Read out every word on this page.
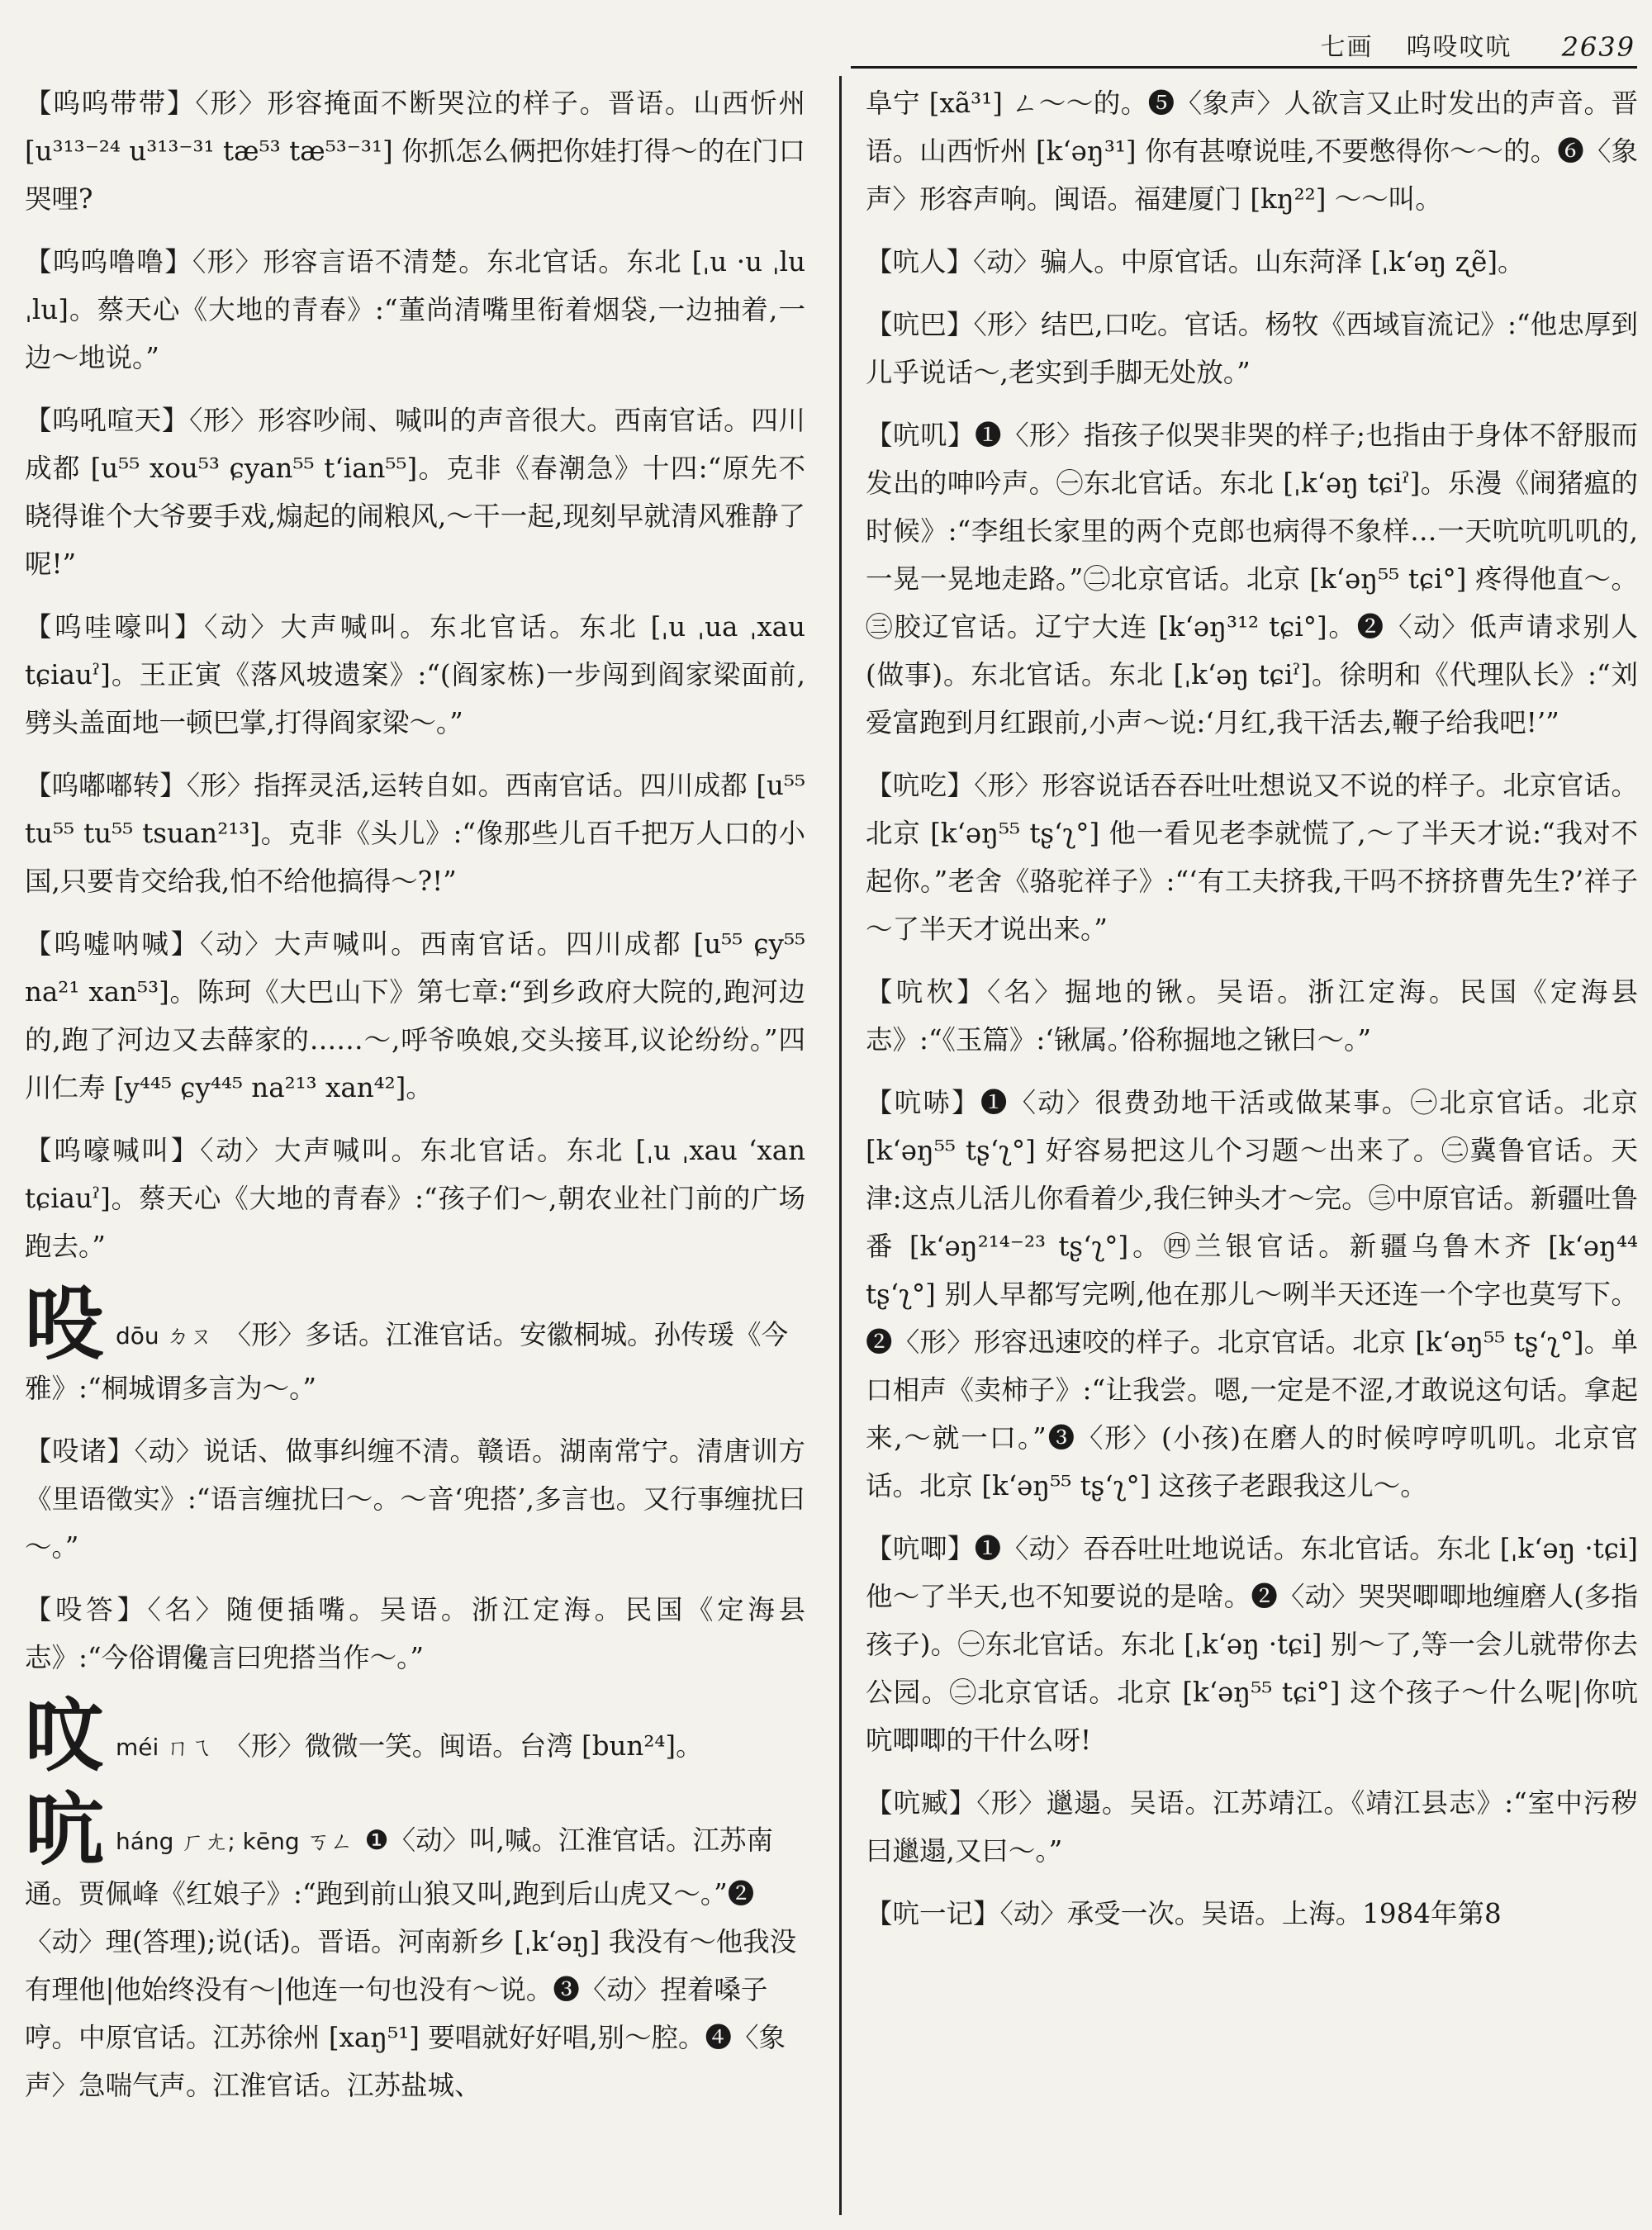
七画 呜吺呅吭 2639

【呜呜带带】〈形〉形容掩面不断哭泣的样子。晋语。山西忻州 [u³¹³⁻²⁴ u³¹³⁻³¹ tæ⁵³ tæ⁵³⁻³¹] 你抓怎么俩把你娃打得～的在门口哭哩?

【呜呜噜噜】〈形〉形容言语不清楚。东北官话。东北 [ˌu ·u ˌlu ˌlu]。蔡天心《大地的青春》:“董尚清嘴里衔着烟袋,一边抽着,一边～地说。”

【呜吼喧天】〈形〉形容吵闹、喊叫的声音很大。西南官话。四川成都 [u⁵⁵ xou⁵³ ɕyan⁵⁵ t‘ian⁵⁵]。克非《春潮急》十四:“原先不晓得谁个大爷要手戏,煽起的闹粮风,～干一起,现刻早就清风雅静了呢!”

【呜哇嚎叫】〈动〉大声喊叫。东北官话。东北 [ˌu ˌua ˌxau tɕiauˀ]。王正寅《落风坡遗案》:“(阎家栋)一步闯到阎家梁面前,劈头盖面地一顿巴掌,打得阎家梁～。”

【呜嘟嘟转】〈形〉指挥灵活,运转自如。西南官话。四川成都 [u⁵⁵ tu⁵⁵ tu⁵⁵ tsuan²¹³]。克非《头儿》:“像那些儿百千把万人口的小国,只要肯交给我,怕不给他搞得～?!”

【呜嘘呐喊】〈动〉大声喊叫。西南官话。四川成都 [u⁵⁵ ɕy⁵⁵ na²¹ xan⁵³]。陈珂《大巴山下》第七章:“到乡政府大院的,跑河边的,跑了河边又去薛家的……～,呼爷唤娘,交头接耳,议论纷纷。”四川仁寿 [y⁴⁴⁵ ɕy⁴⁴⁵ na²¹³ xan⁴²]。

【呜嚎喊叫】〈动〉大声喊叫。东北官话。东北 [ˌu ˌxau ʻxan tɕiauˀ]。蔡天心《大地的青春》:“孩子们～,朝农业社门前的广场跑去。”

吺dōu ㄉㄡ 〈形〉多话。江淮官话。安徽桐城。孙传瑗《今雅》:“桐城谓多言为～。”

【吺诸】〈动〉说话、做事纠缠不清。赣语。湖南常宁。清唐训方《里语徵实》:“语言缠扰曰～。～音‘兜搭’,多言也。又行事缠扰曰～。”

【吺答】〈名〉随便插嘴。吴语。浙江定海。民国《定海县志》:“今俗谓儳言曰兜搭当作～。”

呅méi ㄇㄟ 〈形〉微微一笑。闽语。台湾 [bun²⁴]。

吭háng ㄏㄤ; kēng ㄎㄥ ❶〈动〉叫,喊。江淮官话。江苏南通。贾佩峰《红娘子》:“跑到前山狼又叫,跑到后山虎又～。”❷〈动〉理(答理);说(话)。晋语。河南新乡 [ˌk‘əŋ] 我没有～他我没有理他|他始终没有～|他连一句也没有～说。❸〈动〉捏着嗓子哼。中原官话。江苏徐州 [xaŋ⁵¹] 要唱就好好唱,别～腔。❹〈象声〉急喘气声。江淮官话。江苏盐城、

阜宁 [xã³¹] ㄥ～～的。❺〈象声〉人欲言又止时发出的声音。晋语。山西忻州 [k‘əŋ³¹] 你有甚嘹说哇,不要憋得你～～的。❻〈象声〉形容声响。闽语。福建厦门 [kŋ²²] ～～叫。

【吭人】〈动〉骗人。中原官话。山东菏泽 [ˌk‘əŋ ʐẽ]。

【吭巴】〈形〉结巴,口吃。官话。杨牧《西域盲流记》:“他忠厚到儿乎说话～,老实到手脚无处放。”

【吭叽】❶〈形〉指孩子似哭非哭的样子;也指由于身体不舒服而发出的呻吟声。㊀东北官话。东北 [ˌk‘əŋ tɕiˀ]。乐漫《闹猪瘟的时候》:“李组长家里的两个克郎也病得不象样…一天吭吭叽叽的,一晃一晃地走路。”㊁北京官话。北京 [k‘əŋ⁵⁵ tɕi°] 疼得他直～。㊂胶辽官话。辽宁大连 [k‘əŋ³¹² tɕi°]。❷〈动〉低声请求别人(做事)。东北官话。东北 [ˌk‘əŋ tɕiˀ]。徐明和《代理队长》:“刘爱富跑到月红跟前,小声～说:‘月红,我干活去,鞭子给我吧!’”

【吭吃】〈形〉形容说话吞吞吐吐想说又不说的样子。北京官话。北京 [k‘əŋ⁵⁵ tʂ‘ʅ°] 他一看见老李就慌了,～了半天才说:“我对不起你。”老舍《骆驼祥子》:“‘有工夫挤我,干吗不挤挤曹先生?’祥子～了半天才说出来。”

【吭杴】〈名〉掘地的锹。吴语。浙江定海。民国《定海县志》:“《玉篇》:‘锹属。’俗称掘地之锹曰～。”

【吭哧】❶〈动〉很费劲地干活或做某事。㊀北京官话。北京 [k‘əŋ⁵⁵ tʂ‘ʅ°] 好容易把这儿个习题～出来了。㊁冀鲁官话。天津:这点儿活儿你看着少,我仨钟头才～完。㊂中原官话。新疆吐鲁番 [k‘əŋ²¹⁴⁻²³ tʂ‘ʅ°]。㊃兰银官话。新疆乌鲁木齐 [k‘əŋ⁴⁴ tʂ‘ʅ°] 别人早都写完咧,他在那儿～咧半天还连一个字也莫写下。❷〈形〉形容迅速咬的样子。北京官话。北京 [k‘əŋ⁵⁵ tʂ‘ʅ°]。单口相声《卖柿子》:“让我尝。嗯,一定是不涩,才敢说这句话。拿起来,～就一口。”❸〈形〉(小孩)在磨人的时候哼哼叽叽。北京官话。北京 [k‘əŋ⁵⁵ tʂ‘ʅ°] 这孩子老跟我这儿～。

【吭唧】❶〈动〉吞吞吐吐地说话。东北官话。东北 [ˌk‘əŋ ·tɕi] 他～了半天,也不知要说的是啥。❷〈动〉哭哭唧唧地缠磨人(多指孩子)。㊀东北官话。东北 [ˌk‘əŋ ·tɕi] 别～了,等一会儿就带你去公园。㊁北京官话。北京 [k‘əŋ⁵⁵ tɕi°] 这个孩子～什么呢|你吭吭唧唧的干什么呀!

【吭臧】〈形〉邋遢。吴语。江苏靖江。《靖江县志》:“室中污秽曰邋遢,又曰～。”

【吭一记】〈动〉承受一次。吴语。上海。1984年第8
